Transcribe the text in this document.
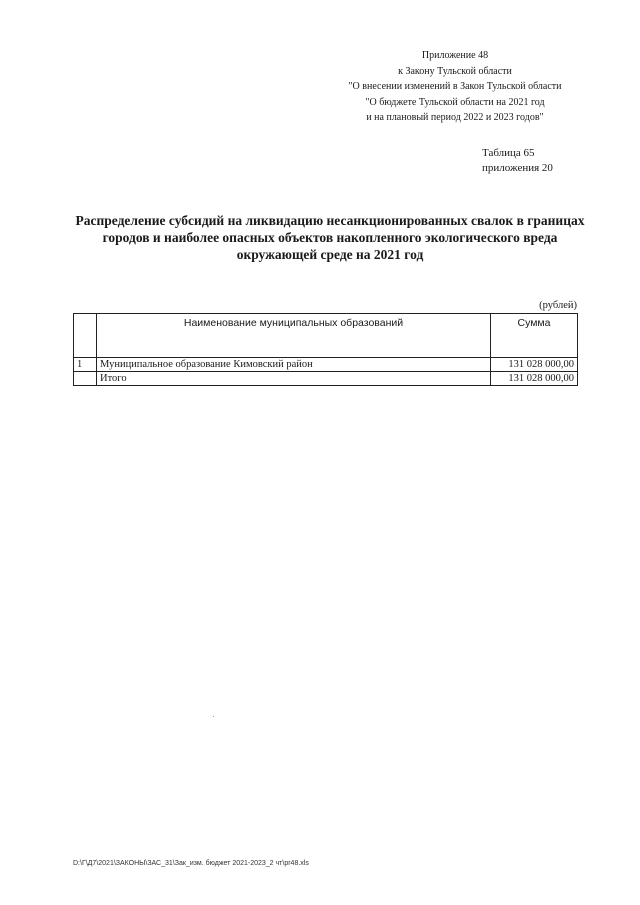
Приложение 48
к Закону Тульской области
"О внесении изменений в Закон Тульской области
"О бюджете Тульской области на 2021 год
и на плановый период 2022 и 2023 годов"
Таблица 65
приложения 20
Распределение субсидий на ликвидацию несанкционированных свалок в границах
городов и наиболее опасных объектов накопленного экологического вреда
окружающей среде на 2021 год
(рублей)
	Наименование муниципальных образований	Сумма
1	Муниципальное образование Кимовский район	131 028 000,00
	Итого	131 028 000,00
D:\Г\Д7\2021\ЗАКОНЫ\ЗАС_31\Зак_изм. бюджет 2021-2023_2 чт\pr48.xls
